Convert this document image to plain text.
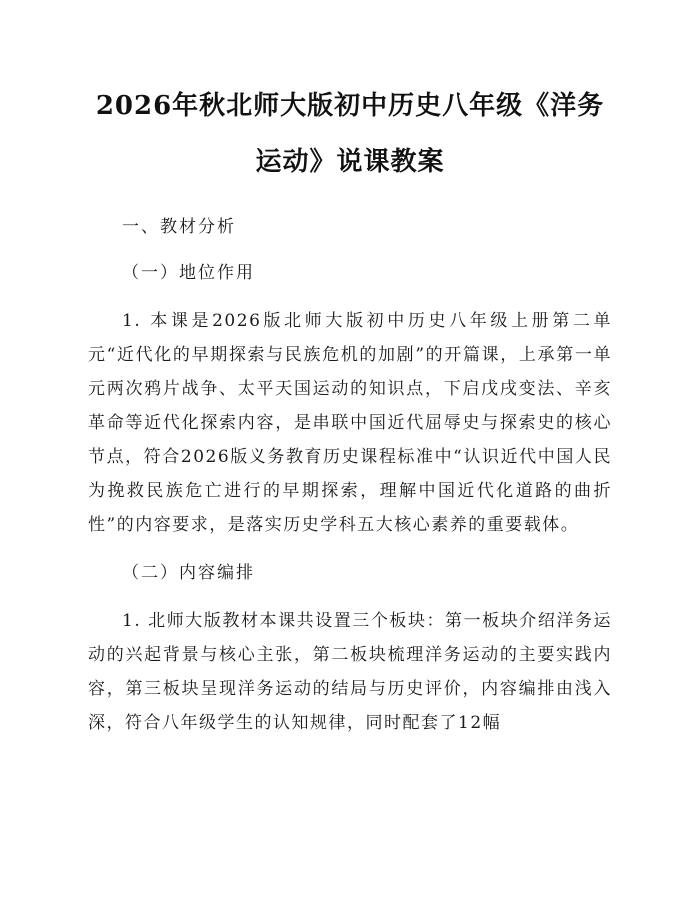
2026年秋北师大版初中历史八年级《洋务运动》说课教案
一、教材分析
（一）地位作用

1. 本课是2026版北师大版初中历史八年级上册第二单元“近代化的早期探索与民族危机的加剧”的开篇课，上承第一单元两次鸦片战争、太平天国运动的知识点，下启戊戌变法、辛亥革命等近代化探索内容，是串联中国近代屈辱史与探索史的核心节点，符合2026版义务教育历史课程标准中“认识近代中国人民为挽救民族危亡进行的早期探索，理解中国近代化道路的曲折性”的内容要求，是落实历史学科五大核心素养的重要载体。

（二）内容编排

1. 北师大版教材本课共设置三个板块：第一板块介绍洋务运动的兴起背景与核心主张，第二板块梳理洋务运动的主要实践内容，第三板块呈现洋务运动的结局与历史评价，内容编排由浅入深，符合八年级学生的认知规律，同时配套了12幅
